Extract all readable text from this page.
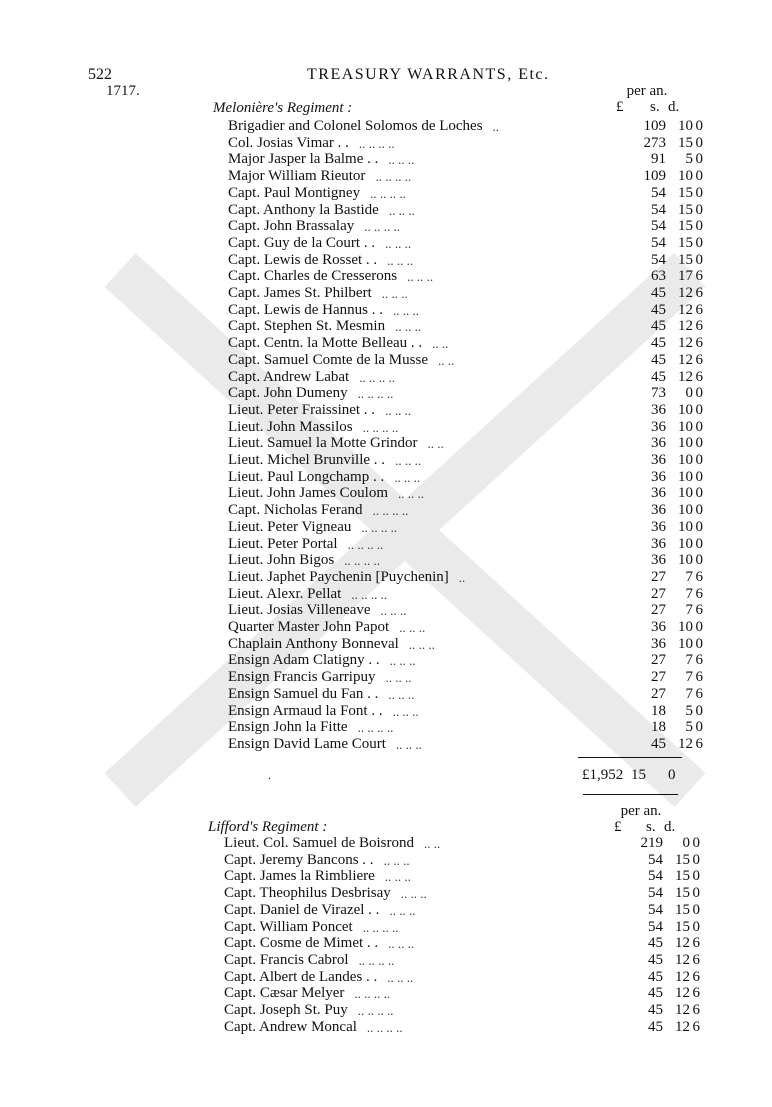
522	TREASURY WARRANTS, Etc.
1717.	per an.
£ s. d.
Melonière's Regiment :
Brigadier and Colonel Solomos de Loches ..	109 10 0
Col. Josias Vimar . . .. .. .. ..	273 15 0
Major Jasper la Balme . . .. .. ..	91	5 0
Major William Rieutor .. .. .. ..	109 10 0
Capt. Paul Montigney .. .. .. ..	54 15 0
Capt. Anthony la Bastide .. .. ..	54 15 0
Capt. John Brassalay .. .. .. ..	54 15 0
Capt. Guy de la Court . . .. .. ..	54 15 0
Capt. Lewis de Rosset . . .. .. ..	54 15 0
Capt. Charles de Cresserons .. .. ..	63 17 6
Capt. James St. Philbert .. .. ..	45 12 6
Capt. Lewis de Hannus . . .. .. ..	45 12 6
Capt. Stephen St. Mesmin .. .. ..	45 12 6
Capt. Centn. la Motte Belleau . . .. ..	45 12 6
Capt. Samuel Comte de la Musse .. ..	45 12 6
Capt. Andrew Labat .. .. .. ..	45 12 6
Capt. John Dumeny .. .. .. ..	73	0 0
Lieut. Peter Fraissinet . . .. .. ..	36 10 0
Lieut. John Massilos .. .. .. ..	36 10 0
Lieut. Samuel la Motte Grindor .. ..	36 10 0
Lieut. Michel Brunville . . .. .. ..	36 10 0
Lieut. Paul Longchamp . . .. .. ..	36 10 0
Lieut. John James Coulom .. .. ..	36 10 0
Capt. Nicholas Ferand .. .. .. ..	36 10 0
Lieut. Peter Vigneau .. .. .. ..	36 10 0
Lieut. Peter Portal .. .. .. ..	36 10 0
Lieut. John Bigos .. .. .. ..	36 10 0
Lieut. Japhet Paychenin [Puychenin] ..	27	7 6
Lieut. Alexr. Pellat .. .. .. ..	27	7 6
Lieut. Josias Villeneave .. .. ..	27	7 6
Quarter Master John Papot .. .. ..	36 10 0
Chaplain Anthony Bonneval .. .. ..	36 10 0
Ensign Adam Clatigny . . .. .. ..	27	7 6
Ensign Francis Garripuy .. .. ..	27	7 6
Ensign Samuel du Fan . . .. .. ..	27	7 6
Ensign Armaud la Font . . .. .. ..	18	5 0
Ensign John la Fitte .. .. .. ..	18	5 0
Ensign David Lame Court .. .. ..	45 12 6
.	£1,952 15 0
per an.
£ s. d.
Lifford's Regiment :
Lieut. Col. Samuel de Boisrond .. ..	219	0 0
Capt. Jeremy Bancons . . .. .. ..	54 15 0
Capt. James la Rimbliere .. .. ..	54 15 0
Capt. Theophilus Desbrisay .. .. ..	54 15 0
Capt. Daniel de Virazel . . .. .. ..	54 15 0
Capt. William Poncet .. .. .. ..	54 15 0
Capt. Cosme de Mimet . . .. .. ..	45 12 6
Capt. Francis Cabrol .. .. .. ..	45 12 6
Capt. Albert de Landes . . .. .. ..	45 12 6
Capt. Cæsar Melyer .. .. .. ..	45 12 6
Capt. Joseph St. Puy .. .. .. ..	45 12 6
Capt. Andrew Moncal .. .. .. ..	45 12 6
